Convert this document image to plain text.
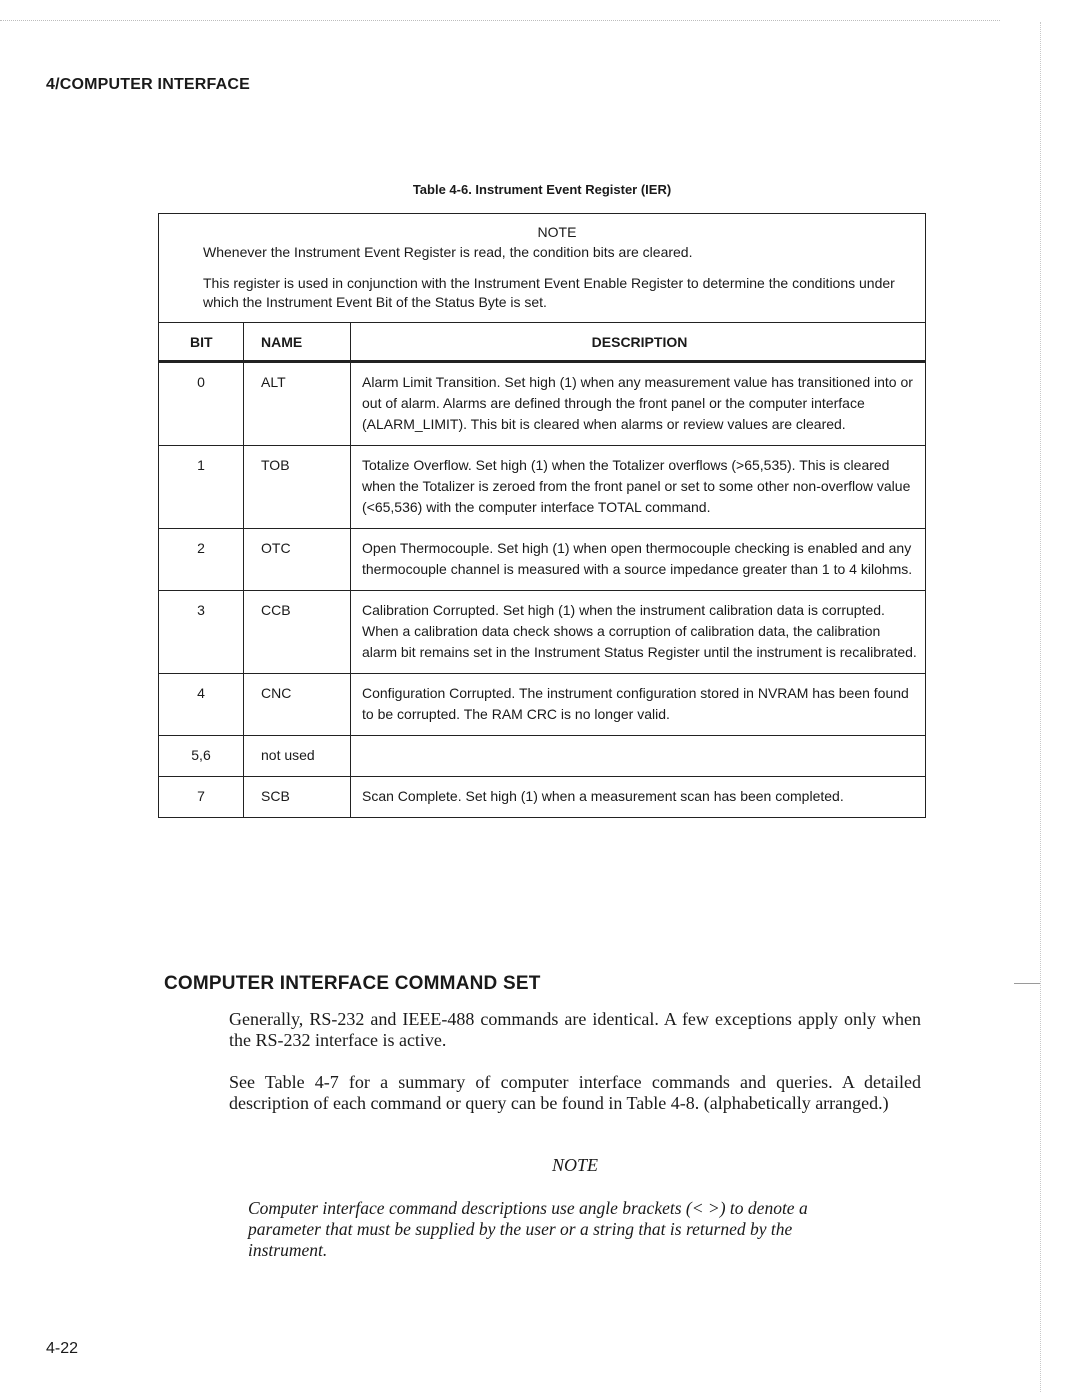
4/COMPUTER INTERFACE
Table 4-6. Instrument Event Register (IER)
NOTE
Whenever the Instrument Event Register is read, the condition bits are cleared.
This register is used in conjunction with the Instrument Event Enable Register to determine the conditions under which the Instrument Event Bit of the Status Byte is set.
BIT	NAME	DESCRIPTION
0	ALT	Alarm Limit Transition. Set high (1) when any measurement value has transitioned into or out of alarm. Alarms are defined through the front panel or the computer interface (ALARM_LIMIT). This bit is cleared when alarms or review values are cleared.
1	TOB	Totalize Overflow. Set high (1) when the Totalizer overflows (>65,535). This is cleared when the Totalizer is zeroed from the front panel or set to some other non-overflow value (<65,536) with the computer interface TOTAL command.
2	OTC	Open Thermocouple. Set high (1) when open thermocouple checking is enabled and any thermocouple channel is measured with a source impedance greater than 1 to 4 kilohms.
3	CCB	Calibration Corrupted. Set high (1) when the instrument calibration data is corrupted. When a calibration data check shows a corruption of calibration data, the calibration alarm bit remains set in the Instrument Status Register until the instrument is recalibrated.
4	CNC	Configuration Corrupted. The instrument configuration stored in NVRAM has been found to be corrupted. The RAM CRC is no longer valid.
5,6	not used
7	SCB	Scan Complete. Set high (1) when a measurement scan has been completed.
COMPUTER INTERFACE COMMAND SET
Generally, RS-232 and IEEE-488 commands are identical. A few exceptions apply only when the RS-232 interface is active.
See Table 4-7 for a summary of computer interface commands and queries. A detailed description of each command or query can be found in Table 4-8. (alphabetically arranged.)
NOTE
Computer interface command descriptions use angle brackets (< >) to denote a parameter that must be supplied by the user or a string that is returned by the instrument.
4-22
